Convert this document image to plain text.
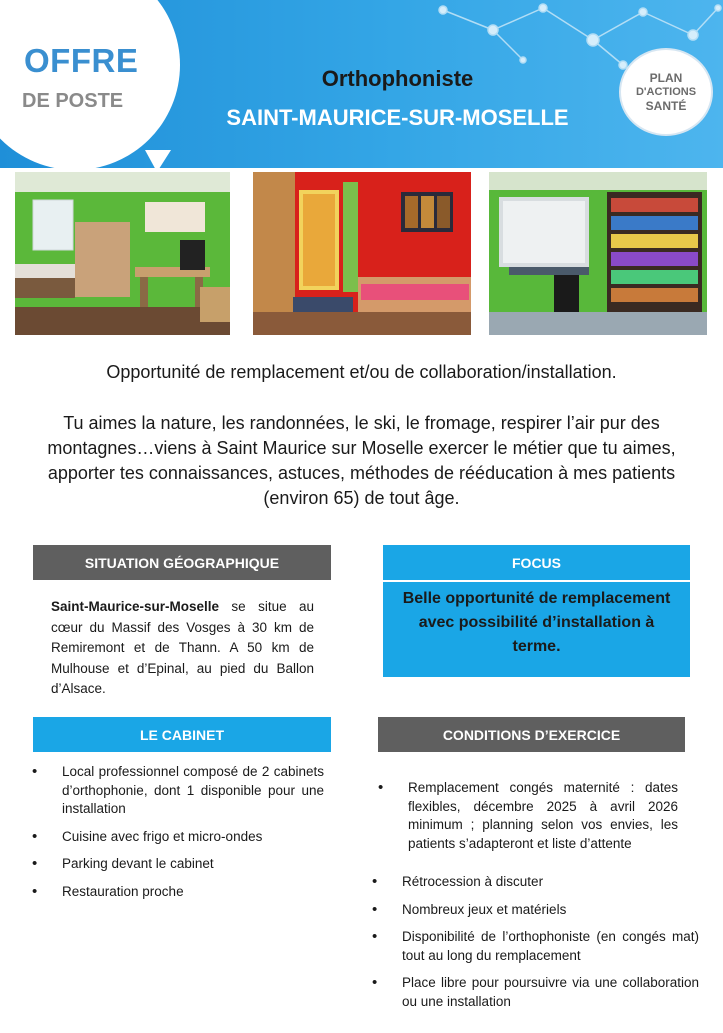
OFFRE
DE POSTE
Orthophoniste
SAINT-MAURICE-SUR-MOSELLE
PLAN
D'ACTIONS
SANTÉ
Opportunité de remplacement et/ou de collaboration/installation.
Tu aimes la nature, les randonnées, le ski, le fromage, respirer l’air pur des
montagnes…viens à Saint Maurice sur Moselle exercer le métier que tu aimes,
apporter tes connaissances, astuces, méthodes de rééducation à mes patients
(environ 65) de tout âge.
SITUATION GÉOGRAPHIQUE
Saint-Maurice-sur-Moselle se situe au cœur du Massif des Vosges à 30 km de Remiremont et de Thann. A 50 km de Mulhouse et d’Epinal, au pied du Ballon d’Alsace.
FOCUS
Belle opportunité de remplacement avec possibilité d’installation à terme.
LE CABINET
• Local professionnel composé de 2 cabinets d’orthophonie, dont 1 disponible pour une installation
• Cuisine avec frigo et micro-ondes
• Parking devant le cabinet
• Restauration proche
CONDITIONS D’EXERCICE
• Remplacement congés maternité : dates flexibles, décembre 2025 à avril 2026 minimum ; planning selon vos envies, les patients s’adapteront et liste d’attente
• Rétrocession à discuter
• Nombreux jeux et matériels
• Disponibilité de l’orthophoniste (en congés mat) tout au long du remplacement
• Place libre pour poursuivre via une collaboration ou une installation
